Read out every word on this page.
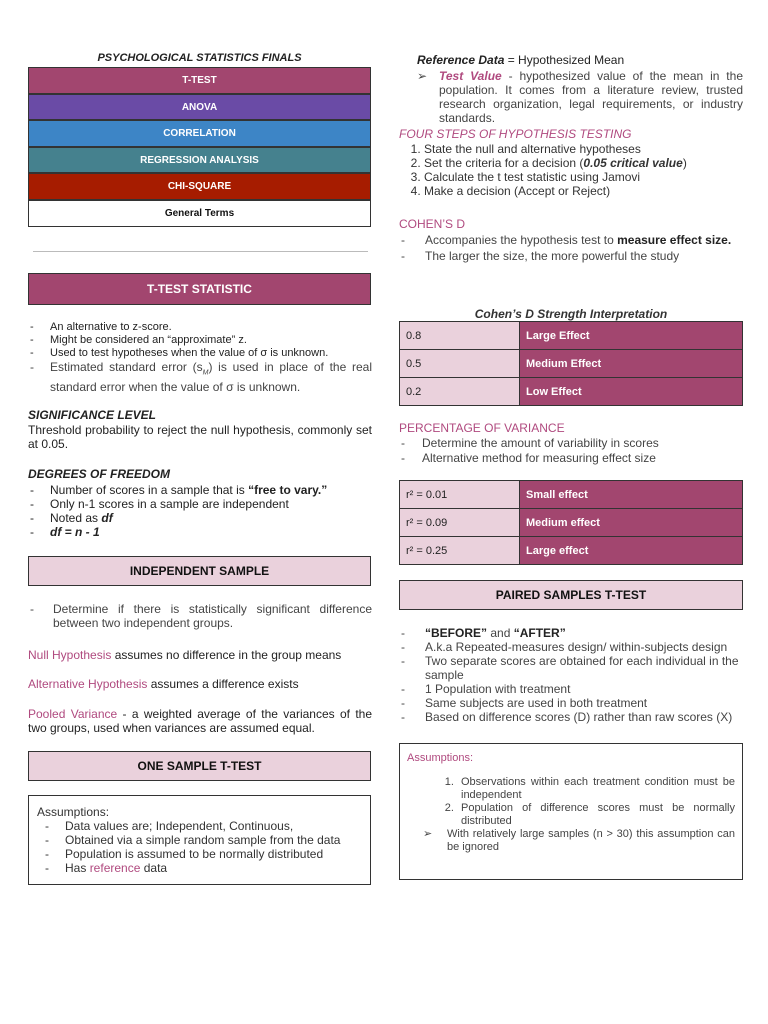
PSYCHOLOGICAL STATISTICS FINALS
T-TEST
ANOVA
CORRELATION
REGRESSION ANALYSIS
CHI-SQUARE
General Terms
T-TEST STATISTIC
- An alternative to z-score.
- Might be considered an “approximate” z.
- Used to test hypotheses when the value of σ is unknown.
- Estimated standard error $(s_M)$ is used in place of the real standard error when the value of σ is unknown.
SIGNIFICANCE LEVEL
Threshold probability to reject the null hypothesis, commonly set at 0.05.
DEGREES OF FREEDOM
- Number of scores in a sample that is “free to vary.”
- Only n-1 scores in a sample are independent
- Noted as df
- df = n - 1
INDEPENDENT SAMPLE
- Determine if there is statistically significant difference between two independent groups.
Null Hypothesis assumes no difference in the group means
Alternative Hypothesis assumes a difference exists
Pooled Variance - a weighted average of the variances of the two groups, used when variances are assumed equal.
ONE SAMPLE T-TEST
Assumptions:
- Data values are; Independent, Continuous,
- Obtained via a simple random sample from the data
- Population is assumed to be normally distributed
- Has reference data
Reference Data = Hypothesized Mean
➢ Test Value - hypothesized value of the mean in the population. It comes from a literature review, trusted research organization, legal requirements, or industry standards.
FOUR STEPS OF HYPOTHESIS TESTING
1. State the null and alternative hypotheses
2. Set the criteria for a decision (0.05 critical value)
3. Calculate the t test statistic using Jamovi
4. Make a decision (Accept or Reject)
COHEN’S D
- Accompanies the hypothesis test to measure effect size.
- The larger the size, the more powerful the study
Cohen’s D Strength Interpretation
0.8	Large Effect
0.5	Medium Effect
0.2	Low Effect
PERCENTAGE OF VARIANCE
- Determine the amount of variability in scores
- Alternative method for measuring effect size
r² = 0.01	Small effect
r² = 0.09	Medium effect
r² = 0.25	Large effect
PAIRED SAMPLES T-TEST
- “BEFORE” and “AFTER”
- A.k.a Repeated-measures design/ within-subjects design
- Two separate scores are obtained for each individual in the sample
- 1 Population with treatment
- Same subjects are used in both treatment
- Based on difference scores (D) rather than raw scores (X)
Assumptions:
1. Observations within each treatment condition must be independent
2. Population of difference scores must be normally distributed
➢ With relatively large samples (n > 30) this assumption can be ignored
